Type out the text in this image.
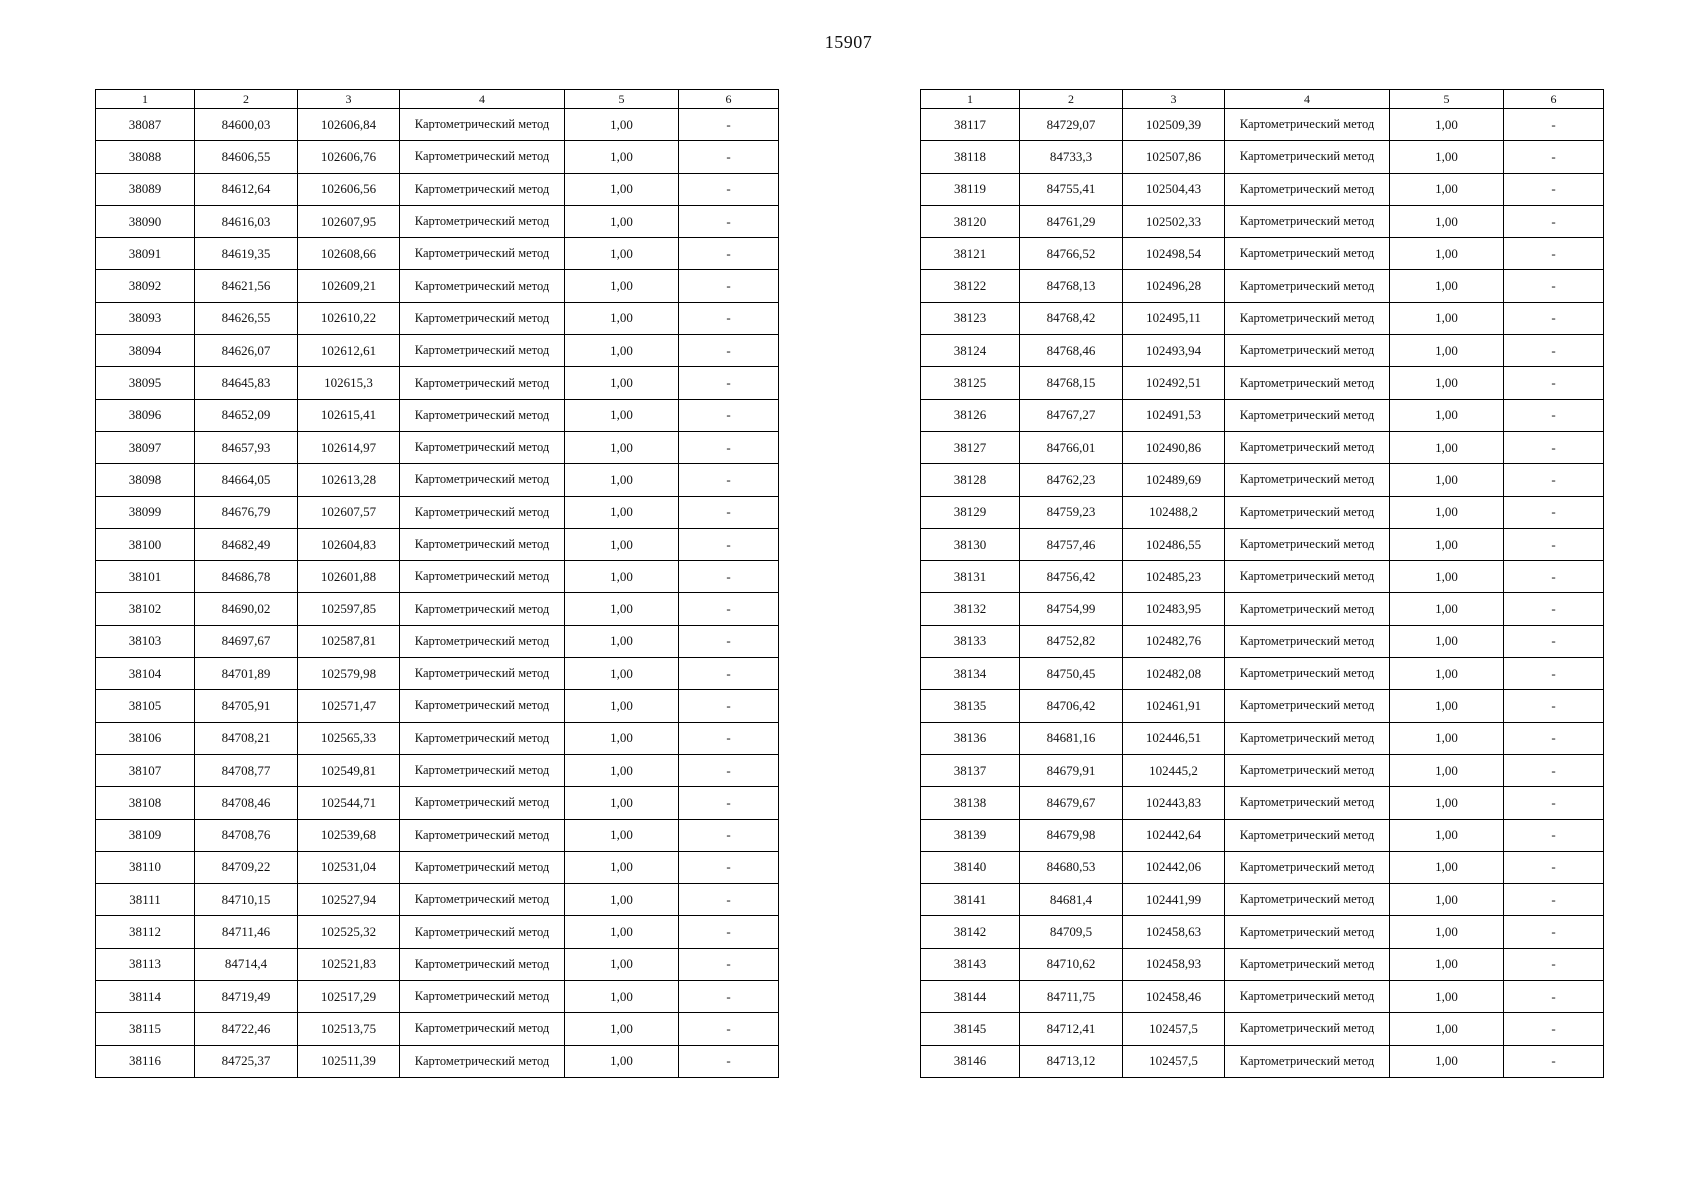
15907
1	2	3	4	5	6
38087	84600,03	102606,84	Картометрический метод	1,00	-
38088	84606,55	102606,76	Картометрический метод	1,00	-
38089	84612,64	102606,56	Картометрический метод	1,00	-
38090	84616,03	102607,95	Картометрический метод	1,00	-
38091	84619,35	102608,66	Картометрический метод	1,00	-
38092	84621,56	102609,21	Картометрический метод	1,00	-
38093	84626,55	102610,22	Картометрический метод	1,00	-
38094	84626,07	102612,61	Картометрический метод	1,00	-
38095	84645,83	102615,3	Картометрический метод	1,00	-
38096	84652,09	102615,41	Картометрический метод	1,00	-
38097	84657,93	102614,97	Картометрический метод	1,00	-
38098	84664,05	102613,28	Картометрический метод	1,00	-
38099	84676,79	102607,57	Картометрический метод	1,00	-
38100	84682,49	102604,83	Картометрический метод	1,00	-
38101	84686,78	102601,88	Картометрический метод	1,00	-
38102	84690,02	102597,85	Картометрический метод	1,00	-
38103	84697,67	102587,81	Картометрический метод	1,00	-
38104	84701,89	102579,98	Картометрический метод	1,00	-
38105	84705,91	102571,47	Картометрический метод	1,00	-
38106	84708,21	102565,33	Картометрический метод	1,00	-
38107	84708,77	102549,81	Картометрический метод	1,00	-
38108	84708,46	102544,71	Картометрический метод	1,00	-
38109	84708,76	102539,68	Картометрический метод	1,00	-
38110	84709,22	102531,04	Картометрический метод	1,00	-
38111	84710,15	102527,94	Картометрический метод	1,00	-
38112	84711,46	102525,32	Картометрический метод	1,00	-
38113	84714,4	102521,83	Картометрический метод	1,00	-
38114	84719,49	102517,29	Картометрический метод	1,00	-
38115	84722,46	102513,75	Картометрический метод	1,00	-
38116	84725,37	102511,39	Картометрический метод	1,00	-
1	2	3	4	5	6
38117	84729,07	102509,39	Картометрический метод	1,00	-
38118	84733,3	102507,86	Картометрический метод	1,00	-
38119	84755,41	102504,43	Картометрический метод	1,00	-
38120	84761,29	102502,33	Картометрический метод	1,00	-
38121	84766,52	102498,54	Картометрический метод	1,00	-
38122	84768,13	102496,28	Картометрический метод	1,00	-
38123	84768,42	102495,11	Картометрический метод	1,00	-
38124	84768,46	102493,94	Картометрический метод	1,00	-
38125	84768,15	102492,51	Картометрический метод	1,00	-
38126	84767,27	102491,53	Картометрический метод	1,00	-
38127	84766,01	102490,86	Картометрический метод	1,00	-
38128	84762,23	102489,69	Картометрический метод	1,00	-
38129	84759,23	102488,2	Картометрический метод	1,00	-
38130	84757,46	102486,55	Картометрический метод	1,00	-
38131	84756,42	102485,23	Картометрический метод	1,00	-
38132	84754,99	102483,95	Картометрический метод	1,00	-
38133	84752,82	102482,76	Картометрический метод	1,00	-
38134	84750,45	102482,08	Картометрический метод	1,00	-
38135	84706,42	102461,91	Картометрический метод	1,00	-
38136	84681,16	102446,51	Картометрический метод	1,00	-
38137	84679,91	102445,2	Картометрический метод	1,00	-
38138	84679,67	102443,83	Картометрический метод	1,00	-
38139	84679,98	102442,64	Картометрический метод	1,00	-
38140	84680,53	102442,06	Картометрический метод	1,00	-
38141	84681,4	102441,99	Картометрический метод	1,00	-
38142	84709,5	102458,63	Картометрический метод	1,00	-
38143	84710,62	102458,93	Картометрический метод	1,00	-
38144	84711,75	102458,46	Картометрический метод	1,00	-
38145	84712,41	102457,5	Картометрический метод	1,00	-
38146	84713,12	102457,5	Картометрический метод	1,00	-
